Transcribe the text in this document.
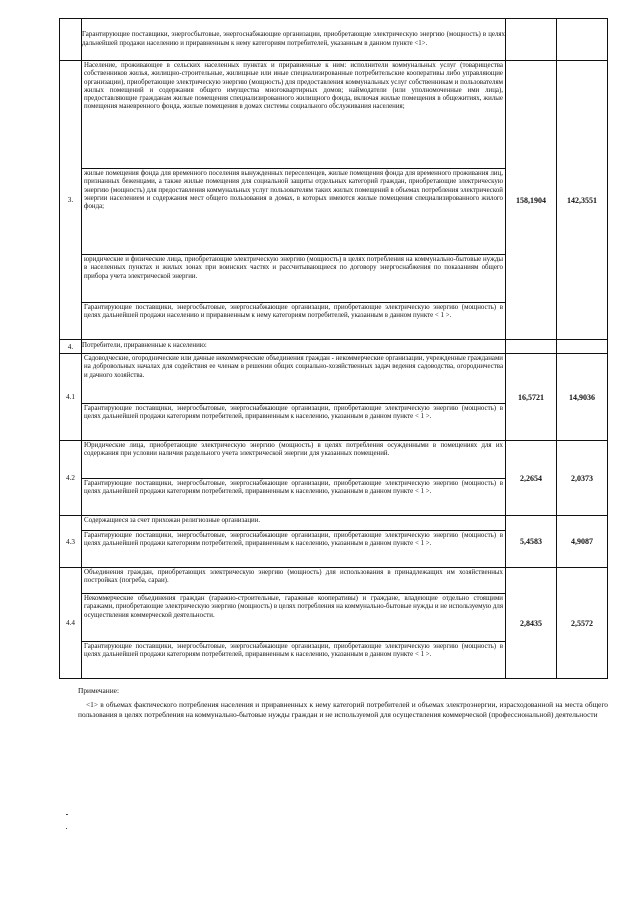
	Гарантирующие поставщики, энергосбытовые, энергоснабжающие организации, приобретающие электрическую энергию (мощность) в целях дальнейшей продажи населению и приравненным к нему категориям потребителей, указанным в данном пункте <1>.		
3.	Население, проживающее в сельских населенных пунктах и приравненные к ним: исполнители коммунальных услуг (товарищества собственников жилья, жилищно-строительные, жилищные или иные специализированные потребительские кооперативы либо управляющие организации), приобретающие электрическую энергию (мощность) для предоставления коммунальных услуг собственникам и пользователям жилых помещений и содержания общего имущества многоквартирных домов; наймодатели (или уполномоченные ими лица), предоставляющие гражданам жилые помещения специализированного жилищного фонда, включая жилые помещения в общежитиях, жилые помещения маневренного фонда, жилые помещения в домах системы социального обслуживания населения;
жилые помещения фонда для временного поселения вынужденных переселенцев, жилые помещения фонда для временного проживания лиц, признанных беженцами, а также жилые помещения для социальной защиты отдельных категорий граждан, приобретающие электрическую энергию (мощность) для предоставления коммунальных услуг пользователям таких жилых помещений в объемах потребления электрической энергии населением и содержания мест общего пользования в домах, в которых имеются жилые помещения специализированного жилого фонда;
юридические и физические лица, приобретающие электрическую энергию (мощность) в целях потребления на коммунально-бытовые нужды в населенных пунктах и жилых зонах при воинских частях и рассчитывающиеся по договору энергоснабжения по показаниям общего прибора учета электрической энергии.
Гарантирующие поставщики, энергосбытовые, энергоснабжающие организации, приобретающие электрическую энергию (мощность) в целях дальнейшей продажи населению и приравненным к нему категориям потребителей, указанным в данном пункте < 1 >.	158,1904	142,3551
4.	Потребители, приравненные к населению:		
4.1	Садоводческие, огороднические или дачные некоммерческие объединения граждан - некоммерческие организации, учрежденные гражданами на добровольных началах для содействия ее членам в решении общих социально-хозяйственных задач ведения садоводства, огородничества и дачного хозяйства.
Гарантирующие поставщики, энергосбытовые, энергоснабжающие организации, приобретающие электрическую энергию (мощность) в целях дальнейшей продажи категориям потребителей, приравненным к населению, указанным в данном пункте < 1 >.	16,5721	14,9036
4.2	Юридические лица, приобретающие электрическую энергию (мощность) в целях потребления осужденными в помещениях для их содержания при условии наличия раздельного учета электрической энергии для указанных помещений.
Гарантирующие поставщики, энергосбытовые, энергоснабжающие организации, приобретающие электрическую энергию (мощность) в целях дальнейшей продажи категориям потребителей, приравненным к населению, указанным в данном пункте < 1 >.	2,2654	2,0373
4.3	Содержащиеся за счет прихожан религиозные организации.
Гарантирующие поставщики, энергосбытовые, энергоснабжающие организации, приобретающие электрическую энергию (мощность) в целях дальнейшей продажи категориям потребителей, приравненным к населению, указанным в данном пункте < 1 >.	5,4583	4,9087
4.4	Объединения граждан, приобретающих электрическую энергию (мощность) для использования в принадлежащих им хозяйственных постройках (погреба, сараи).
Некоммерческие объединения граждан (гаражно-строительные, гаражные кооперативы) и граждане, владеющие отдельно стоящими гаражами, приобретающие электрическую энергию (мощность) в целях потребления на коммунально-бытовые нужды и не используемую для осуществления коммерческой деятельности.
Гарантирующие поставщики, энергосбытовые, энергоснабжающие организации, приобретающие электрическую энергию (мощность) в целях дальнейшей продажи категориям потребителей, приравненным к населению, указанным в данном пункте < 1 >.	2,8435	2,5572
Примечание:
<1> в объемах фактического потребления населения и приравненных к нему категорий потребителей и объемах электроэнергии, израсходованной на места общего пользования в целях потребления на коммунально-бытовые нужды граждан и не используемой для осуществления коммерческой (профессиональной) деятельности
